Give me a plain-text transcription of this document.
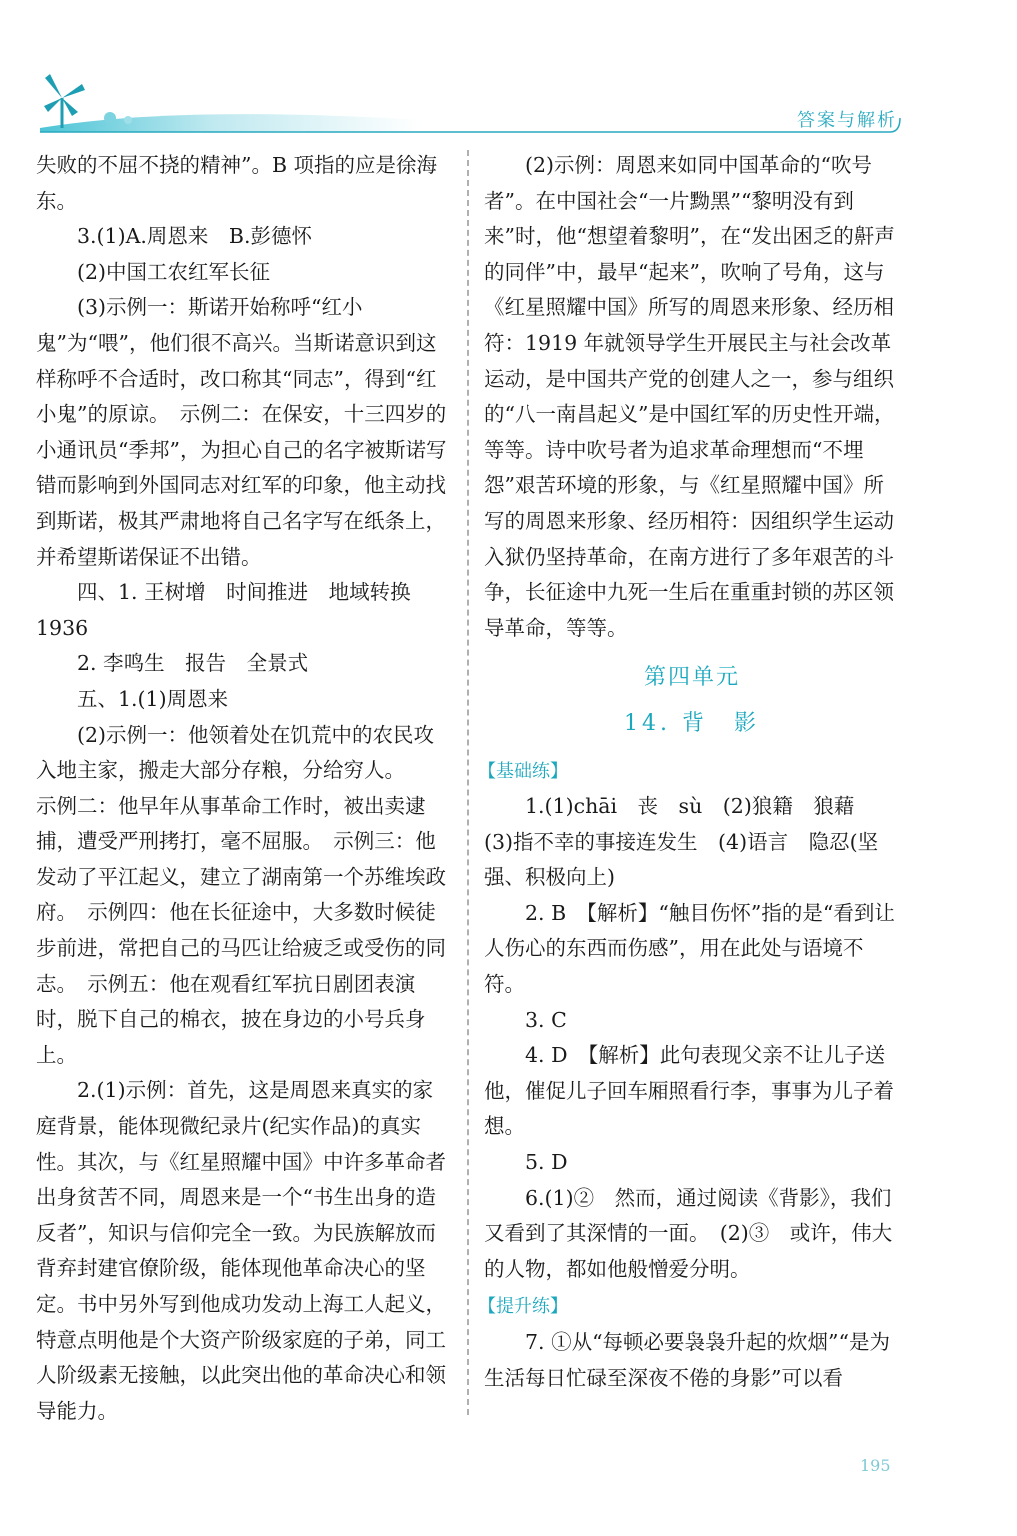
答案与解析

失败的不屈不挠的精神”。B 项指的应是徐海东。

3.(1)A.周恩来　B.彭德怀

(2)中国工农红军长征

(3)示例一：斯诺开始称呼“红小鬼”为“喂”，他们很不高兴。当斯诺意识到这样称呼不合适时，改口称其“同志”，得到“红小鬼”的原谅。　示例二：在保安，十三四岁的小通讯员“季邦”，为担心自己的名字被斯诺写错而影响到外国同志对红军的印象，他主动找到斯诺，极其严肃地将自己名字写在纸条上，并希望斯诺保证不出错。

四、1. 王树增　时间推进　地域转换　1936

2. 李鸣生　报告　全景式

五、1.(1)周恩来

(2)示例一：他领着处在饥荒中的农民攻入地主家，搬走大部分存粮，分给穷人。

示例二：他早年从事革命工作时，被出卖逮捕，遭受严刑拷打，毫不屈服。　示例三：他发动了平江起义，建立了湖南第一个苏维埃政府。　示例四：他在长征途中，大多数时候徒步前进，常把自己的马匹让给疲乏或受伤的同志。　示例五：他在观看红军抗日剧团表演时，脱下自己的棉衣，披在身边的小号兵身上。

2.(1)示例：首先，这是周恩来真实的家庭背景，能体现微纪录片(纪实作品)的真实性。其次，与《红星照耀中国》中许多革命者出身贫苦不同，周恩来是一个“书生出身的造反者”，知识与信仰完全一致。为民族解放而背弃封建官僚阶级，能体现他革命决心的坚定。书中另外写到他成功发动上海工人起义，特意点明他是个大资产阶级家庭的子弟，同工人阶级素无接触，以此突出他的革命决心和领导能力。

(2)示例：周恩来如同中国革命的“吹号者”。在中国社会“一片黝黑”“黎明没有到来”时，他“想望着黎明”，在“发出困乏的鼾声的同伴”中，最早“起来”，吹响了号角，这与《红星照耀中国》所写的周恩来形象、经历相符：1919 年就领导学生开展民主与社会改革运动，是中国共产党的创建人之一，参与组织的“八一南昌起义”是中国红军的历史性开端，等等。诗中吹号者为追求革命理想而“不埋怨”艰苦环境的形象，与《红星照耀中国》所写的周恩来形象、经历相符：因组织学生运动入狱仍坚持革命，在南方进行了多年艰苦的斗争，长征途中九死一生后在重重封锁的苏区领导革命，等等。

第四单元
14. 背　影
【基础练】

1.(1)chāi　丧　sù　(2)狼籍　狼藉　(3)指不幸的事接连发生　(4)语言　隐忍(坚强、积极向上)

2. B　【解析】“触目伤怀”指的是“看到让人伤心的东西而伤感”，用在此处与语境不符。

3. C

4. D　【解析】此句表现父亲不让儿子送他，催促儿子回车厢照看行李，事事为儿子着想。

5. D

6.(1)②　然而，通过阅读《背影》，我们又看到了其深情的一面。　(2)③　或许，伟大的人物，都如他般憎爱分明。

【提升练】

7. ①从“每顿必要袅袅升起的炊烟”“是为生活每日忙碌至深夜不倦的身影”可以看

195
